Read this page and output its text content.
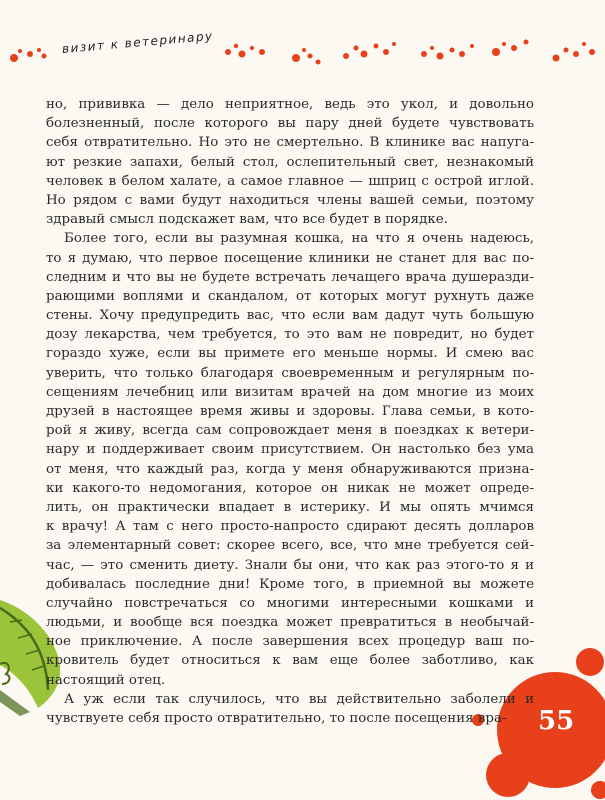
визит к ветеринару
но, прививка — дело неприятное, ведь это укол, и довольно
болезненный, после которого вы пару дней будете чувствовать
себя отвратительно. Но это не смертельно. В клинике вас напуга-
ют резкие запахи, белый стол, ослепительный свет, незнакомый
человек в белом халате, а самое главное — шприц с острой иглой.
Но рядом с вами будут находиться члены вашей семьи, поэтому
здравый смысл подскажет вам, что все будет в порядке.
Более того, если вы разумная кошка, на что я очень надеюсь,
то я думаю, что первое посещение клиники не станет для вас по-
следним и что вы не будете встречать лечащего врача душеразди-
рающими воплями и скандалом, от которых могут рухнуть даже
стены. Хочу предупредить вас, что если вам дадут чуть большую
дозу лекарства, чем требуется, то это вам не повредит, но будет
гораздо хуже, если вы примете его меньше нормы. И смею вас
уверить, что только благодаря своевременным и регулярным по-
сещениям лечебниц или визитам врачей на дом многие из моих
друзей в настоящее время живы и здоровы. Глава семьи, в кото-
рой я живу, всегда сам сопровождает меня в поездках к ветери-
нару и поддерживает своим присутствием. Он настолько без ума
от меня, что каждый раз, когда у меня обнаруживаются призна-
ки какого-то недомогания, которое он никак не может опреде-
лить, он практически впадает в истерику. И мы опять мчимся
к врачу! А там с него просто-напросто сдирают десять долларов
за элементарный совет: скорее всего, все, что мне требуется сей-
час, — это сменить диету. Знали бы они, что как раз этого-то я и
добивалась последние дни! Кроме того, в приемной вы можете
случайно повстречаться со многими интересными кошками и
людьми, и вообще вся поездка может превратиться в необычай-
ное приключение. А после завершения всех процедур ваш по-
кровитель будет относиться к вам еще более заботливо, как
настоящий отец.
А уж если так случилось, что вы действительно заболели и
чувствуете себя просто отвратительно, то после посещения вра-	55
